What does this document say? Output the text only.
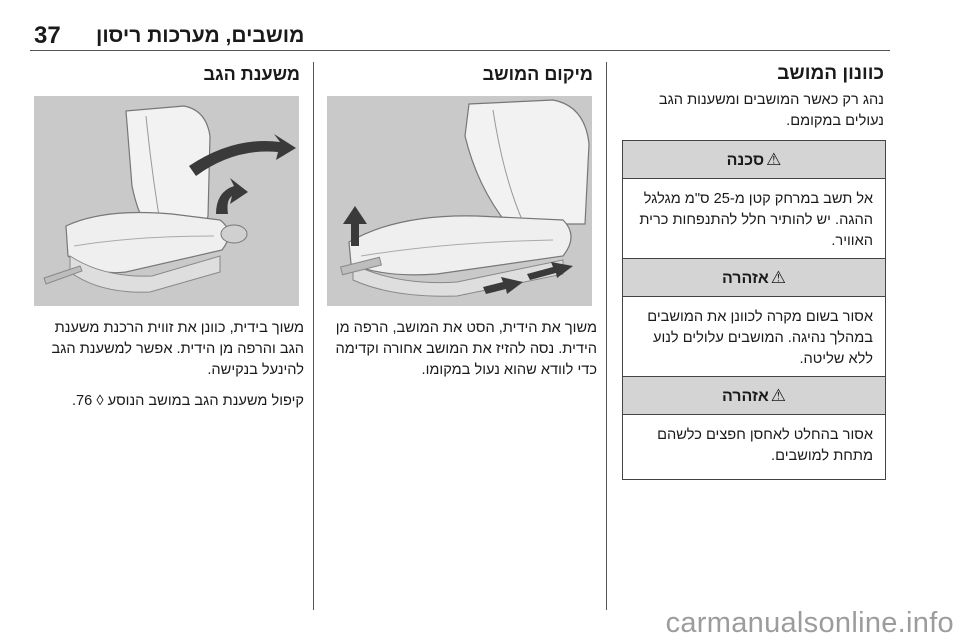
37 מושבים, מערכות ריסון
משענת הגב

משוך בידית, כוונן את זווית הרכנת משענת הגב והרפה מן הידית. אפשר למשענת הגב להינעל בנקישה.

קיפול משענת הגב במושב הנוסע ◊ 76.

מיקום המושב

משוך את הידית, הסט את המושב, הרפה מן הידית. נסה להזיז את המושב אחורה וקדימה כדי לוודא שהוא נעול במקומו.

כוונון המושב

נהג רק כאשר המושבים ומשענות הגב נעולים במקומם.

⚠סכנה
אל תשב במרחק קטן מ-25 ס"מ מגלגל ההגה. יש להותיר חלל להתנפחות כרית האוויר.
⚠אזהרה
אסור בשום מקרה לכוונן את המושבים במהלך נהיגה. המושבים עלולים לנוע ללא שליטה.
⚠אזהרה
אסור בהחלט לאחסן חפצים כלשהם מתחת למושבים.
carmanualsonline.info
